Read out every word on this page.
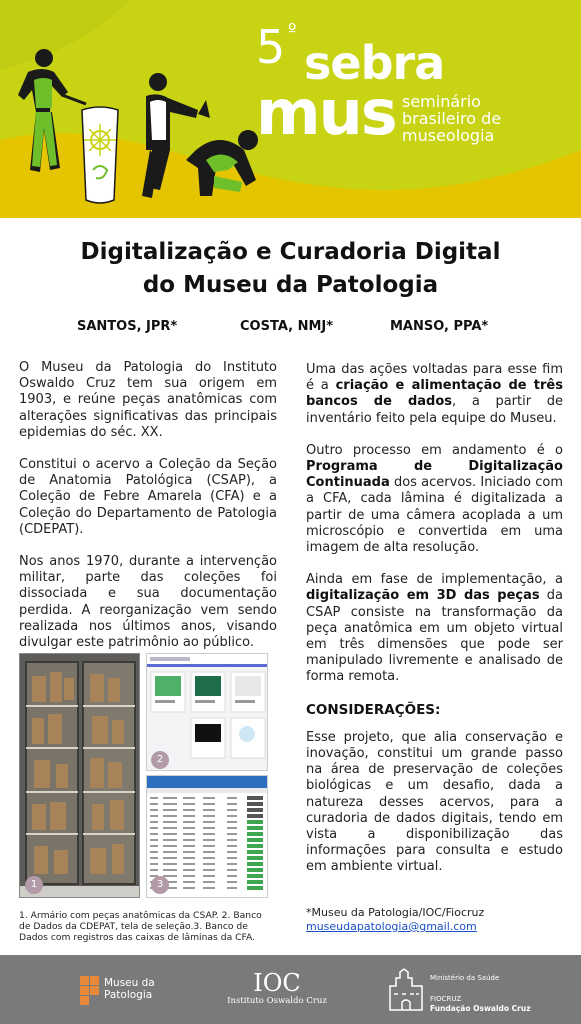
5 º
sebra
mus seminário
brasileiro de
museologia
Digitalização e Curadoria Digital
do Museu da Patologia
SANTOS, JPR*	COSTA, NMJ*	MANSO, PPA*

O Museu da Patologia do Instituto Oswaldo Cruz tem sua origem em 1903, e reúne peças anatômicas com alterações significativas das principais epidemias do séc. XX.

Constitui o acervo a Coleção da Seção de Anatomia Patológica (CSAP), a Coleção de Febre Amarela (CFA) e a Coleção do Departamento de Patologia (CDEPAT).

Nos anos 1970, durante a intervenção militar, parte das coleções foi dissociada e sua documentação perdida. A reorganização vem sendo realizada nos últimos anos, visando divulgar este patrimônio ao público.

Uma das ações voltadas para esse fim é a criação e alimentação de três bancos de dados, a partir de inventário feito pela equipe do Museu.

Outro processo em andamento é o Programa de Digitalização Continuada dos acervos. Iniciado com a CFA, cada lâmina é digitalizada a partir de uma câmera acoplada a um microscópio e convertida em uma imagem de alta resolução.

Ainda em fase de implementação, a digitalização em 3D das peças da CSAP consiste na transformação da peça anatômica em um objeto virtual em três dimensões que pode ser manipulado livremente e analisado de forma remota.

CONSIDERAÇÕES:

Esse projeto, que alia conservação e inovação, constitui um grande passo na área de preservação de coleções biológicas e um desafio, dada a natureza desses acervos, para a curadoria de dados digitais, tendo em vista a disponibilização das informações para consulta e estudo em ambiente virtual.

1
2
3
1. Armário com peças anatômicas da CSAP. 2. Banco de Dados da CDEPAT, tela de seleção.3. Banco de Dados com registros das caixas de lâminas da CFA.
*Museu da Patologia/IOC/Fiocruz
museudapatologia@gmail.com
Museu da
Patologia	IOC
Instituto Oswaldo Cruz
Ministério da Saúde
FIOCRUZ
Fundação Oswaldo Cruz
